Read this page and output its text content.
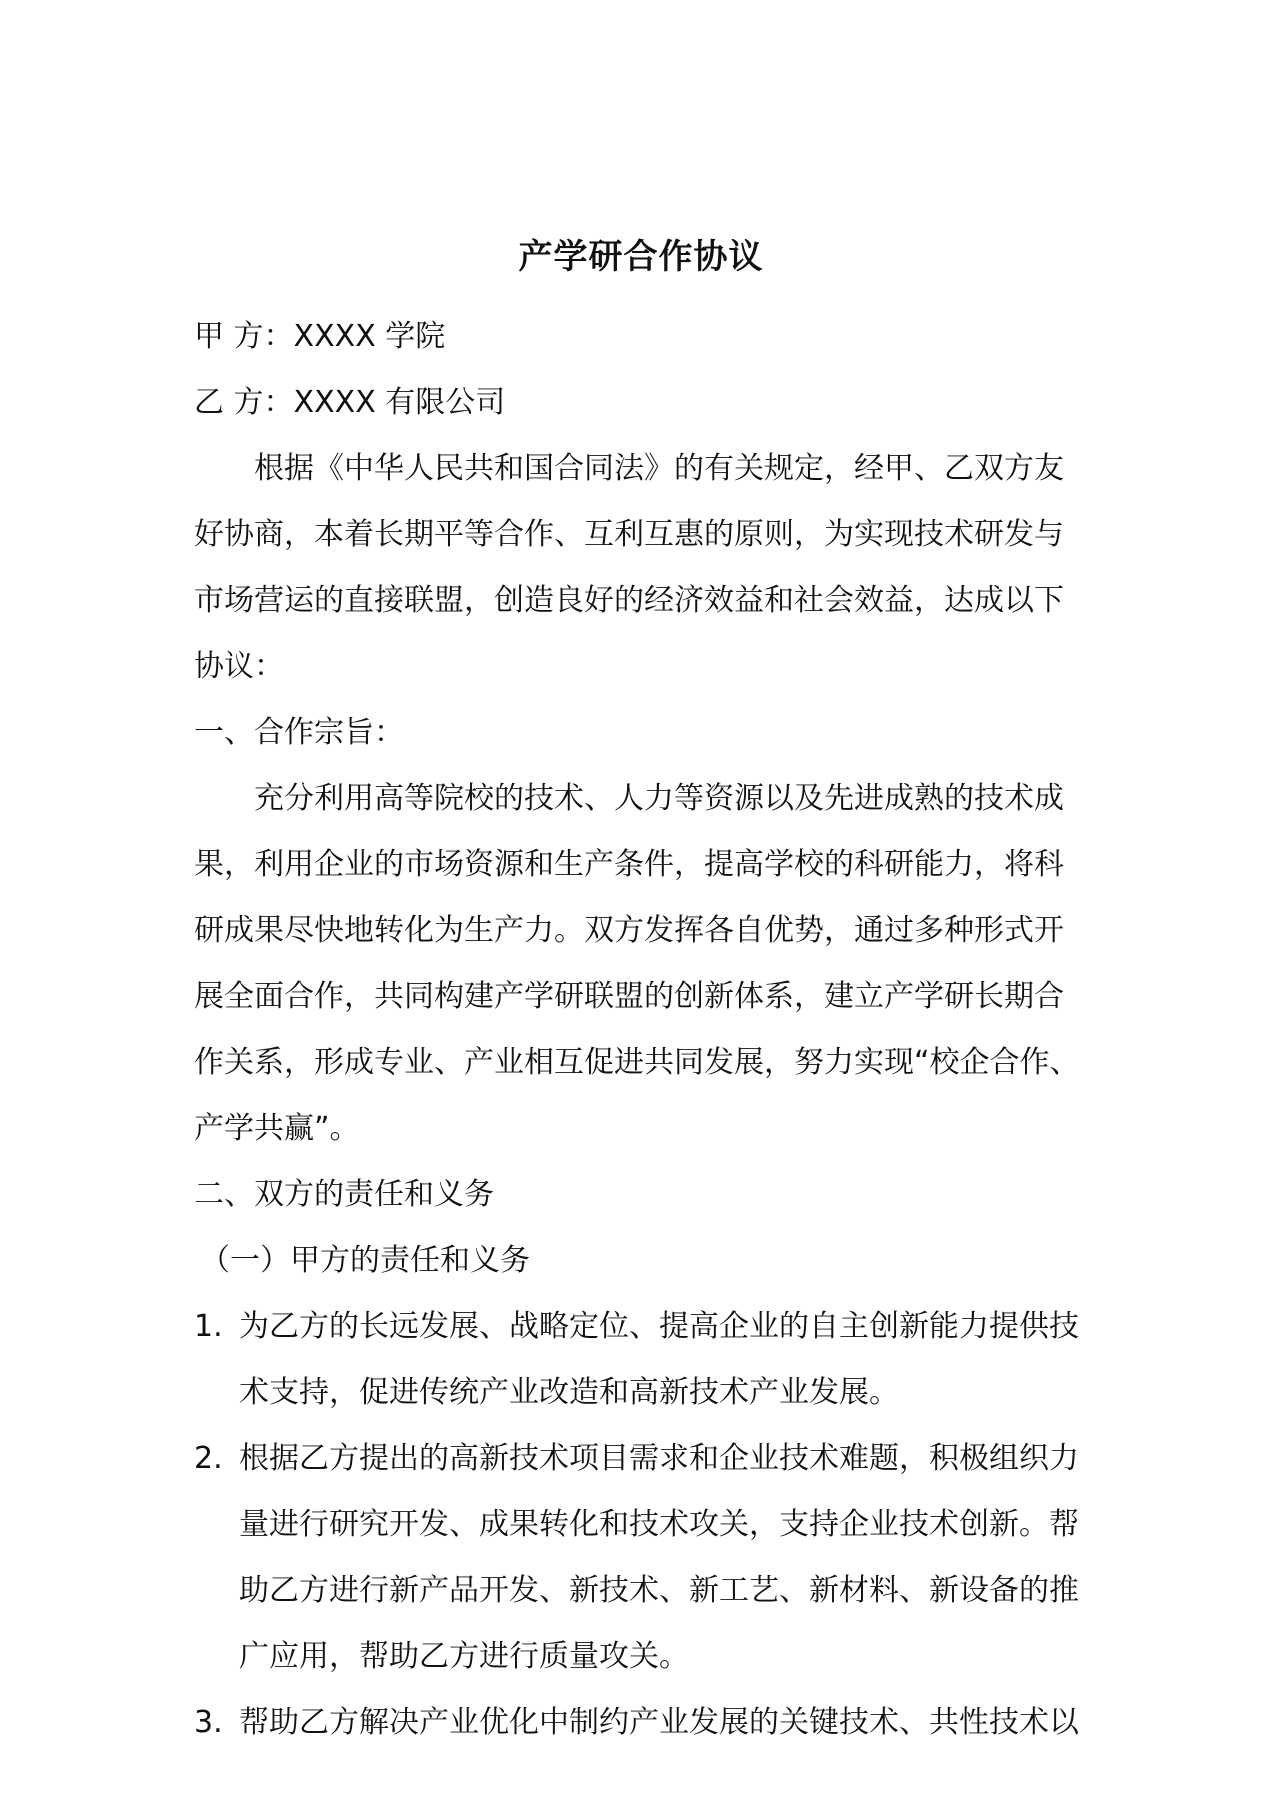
产学研合作协议

甲 方：XXXX 学院

乙 方：XXXX 有限公司

根据《中华人民共和国合同法》的有关规定，经甲、乙双方友好协商，本着长期平等合作、互利互惠的原则，为实现技术研发与市场营运的直接联盟，创造良好的经济效益和社会效益，达成以下协议：

一、合作宗旨：

充分利用高等院校的技术、人力等资源以及先进成熟的技术成果，利用企业的市场资源和生产条件，提高学校的科研能力，将科研成果尽快地转化为生产力。双方发挥各自优势，通过多种形式开展全面合作，共同构建产学研联盟的创新体系，建立产学研长期合作关系，形成专业、产业相互促进共同发展，努力实现“校企合作、产学共赢”。

二、双方的责任和义务

（一）甲方的责任和义务

1. 为乙方的长远发展、战略定位、提高企业的自主创新能力提供技术支持，促进传统产业改造和高新技术产业发展。
2. 根据乙方提出的高新技术项目需求和企业技术难题，积极组织力量进行研究开发、成果转化和技术攻关，支持企业技术创新。帮助乙方进行新产品开发、新技术、新工艺、新材料、新设备的推广应用，帮助乙方进行质量攻关。
3. 帮助乙方解决产业优化中制约产业发展的关键技术、共性技术以
